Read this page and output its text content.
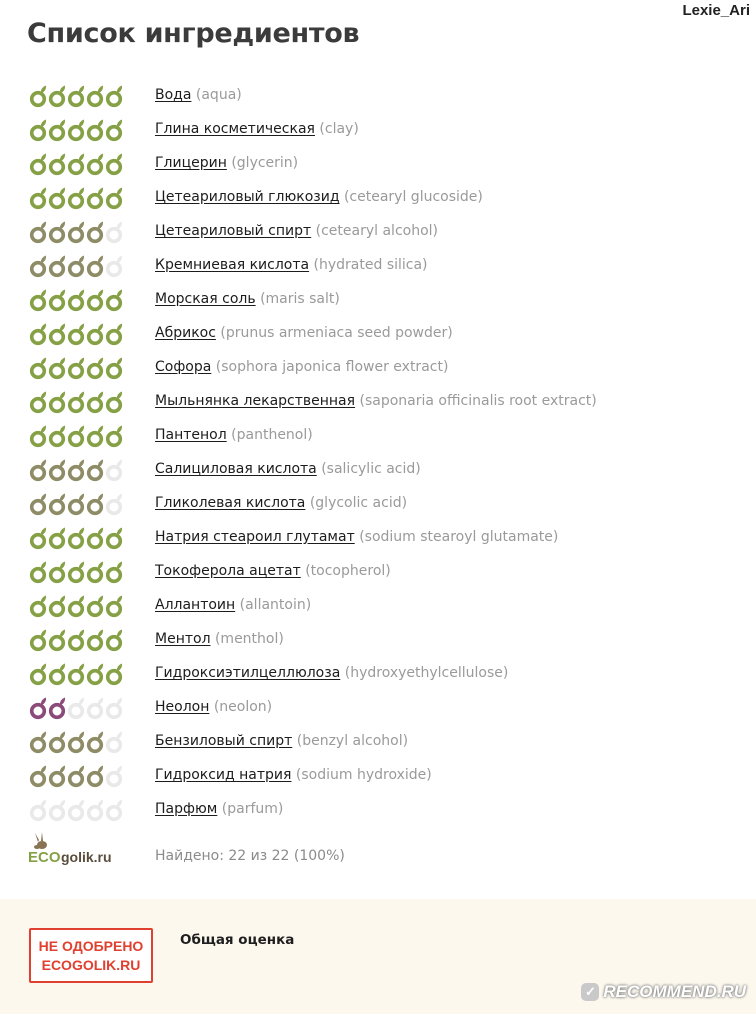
Lexie_Ari
Список ингредиентов
Вода (aqua)
Глина косметическая (clay)
Глицерин (glycerin)
Цетеариловый глюкозид (cetearyl glucoside)
Цетеариловый спирт (cetearyl alcohol)
Кремниевая кислота (hydrated silica)
Морская соль (maris salt)
Абрикос (prunus armeniaca seed powder)
Софора (sophora japonica flower extract)
Мыльнянка лекарственная (saponaria officinalis root extract)
Пантенол (panthenol)
Салициловая кислота (salicylic acid)
Гликолевая кислота (glycolic acid)
Натрия стеароил глутамат (sodium stearoyl glutamate)
Токоферола ацетат (tocopherol)
Аллантоин (allantoin)
Ментол (menthol)
Гидроксиэтилцеллюлоза (hydroxyethylcellulose)
Неолон (neolon)
Бензиловый спирт (benzyl alcohol)
Гидроксид натрия (sodium hydroxide)
Парфюм (parfum)
ECO golik.ru	Найдено: 22 из 22 (100%)
НЕ ОДОБРЕНО
ECOGOLIK.RU
Общая оценка
✓ RECOMMEND.RU
